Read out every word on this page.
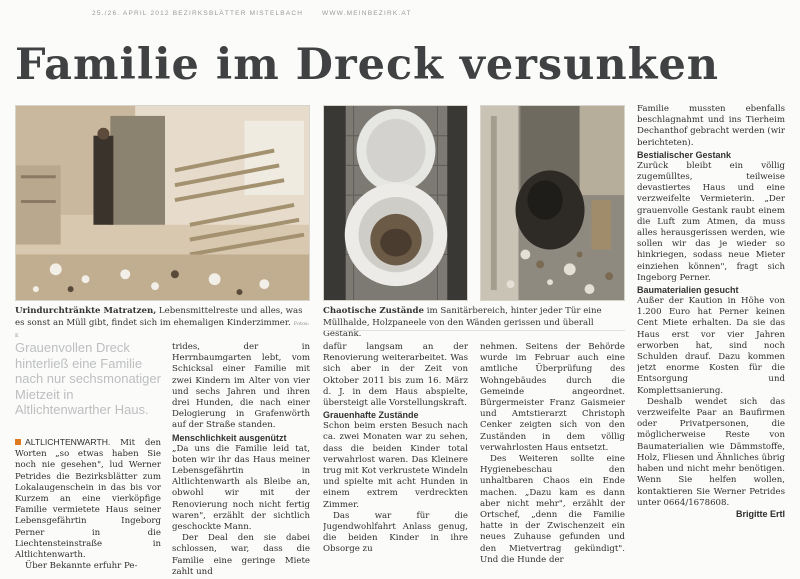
25./26. APRIL 2012 BEZIRKSBLÄTTER MISTELBACH	WWW.MEINBEZIRK.AT
Familie im Dreck versunken
Urindurchtränkte Matratzen, Lebensmittelreste und alles, was es sonst an Müll gibt, findet sich im ehemaligen Kinderzimmer. Fotos: E
Chaotische Zustände im Sanitärbereich, hinter jeder Tür eine Müllhalde, Holzpaneele von den Wänden gerissen und überall Gestank.
Grauenvollen Dreck hinterließ eine Familie nach nur sechsmonatiger Mietzeit in Altlichtenwarther Haus.

ALTLICHTENWARTH. Mit den Worten „so etwas haben Sie noch nie gesehen", lud Werner Petrides die Bezirksblätter zum Lokalaugenschein in das bis vor Kurzem an eine vierköpfige Familie vermietete Haus seiner Lebensgefährtin Ingeborg Perner in die Liechtensteinstraße in Altlichtenwarth.

Über Bekannte erfuhr Pe-

trides, der in Herrnbaumgarten lebt, vom Schicksal einer Familie mit zwei Kindern im Alter von vier und sechs Jahren und ihren drei Hunden, die nach einer Delogierung in Grafenwörth auf der Straße standen.

Menschlichkeit ausgenützt

„Da uns die Familie leid tat, boten wir ihr das Haus meiner Lebensgefährtin in Altlichtenwarth als Bleibe an, obwohl wir mit der Renovierung noch nicht fertig waren", erzählt der sichtlich geschockte Mann.

Der Deal den sie dabei schlossen, war, dass die Familie eine geringe Miete zahlt und

dafür langsam an der Renovierung weiterarbeitet. Was sich aber in der Zeit von Oktober 2011 bis zum 16. März d. J. in dem Haus abspielte, übersteigt alle Vorstellungskraft.

Grauenhafte Zustände

Schon beim ersten Besuch nach ca. zwei Monaten war zu sehen, dass die beiden Kinder total verwahrlost waren. Das Kleinere trug mit Kot verkrustete Windeln und spielte mit acht Hunden in einem extrem verdreckten Zimmer.

Das war für die Jugendwohlfahrt Anlass genug, die beiden Kinder in ihre Obsorge zu

nehmen. Seitens der Behörde wurde im Februar auch eine amtliche Überprüfung des Wohngebäudes durch die Gemeinde angeordnet. Bürgermeister Franz Gaismeier und Amtstierarzt Christoph Cenker zeigten sich von den Zuständen in dem völlig verwahrlosten Haus entsetzt.

Des Weiteren sollte eine Hygienebeschau den unhaltbaren Chaos ein Ende machen. „Dazu kam es dann aber nicht mehr", erzählt der Ortschef, „denn die Familie hatte in der Zwischenzeit ein neues Zuhause gefunden und den Mietvertrag gekündigt". Und die Hunde der

Familie mussten ebenfalls beschlagnahmt und ins Tierheim Dechanthof gebracht werden (wir berichteten).

Bestialischer Gestank

Zurück bleibt ein völlig zugemülltes, teilweise devastiertes Haus und eine verzweifelte Vermieterin. „Der grauenvolle Gestank raubt einem die Luft zum Atmen, da muss alles herausgerissen werden, wie sollen wir das je wieder so hinkriegen, sodass neue Mieter einziehen können", fragt sich Ingeborg Perner.

Baumaterialien gesucht

Außer der Kaution in Höhe von 1.200 Euro hat Perner keinen Cent Miete erhalten. Da sie das Haus erst vor vier Jahren erworben hat, sind noch Schulden drauf. Dazu kommen jetzt enorme Kosten für die Entsorgung und Komplettsanierung.

Deshalb wendet sich das verzweifelte Paar an Baufirmen oder Privatpersonen, die möglicherweise Reste von Baumaterialien wie Dämmstoffe, Holz, Fliesen und Ähnliches übrig haben und nicht mehr benötigen. Wenn Sie helfen wollen, kontaktieren Sie Werner Petrides unter 0664/1678608.

Brigitte Ertl
